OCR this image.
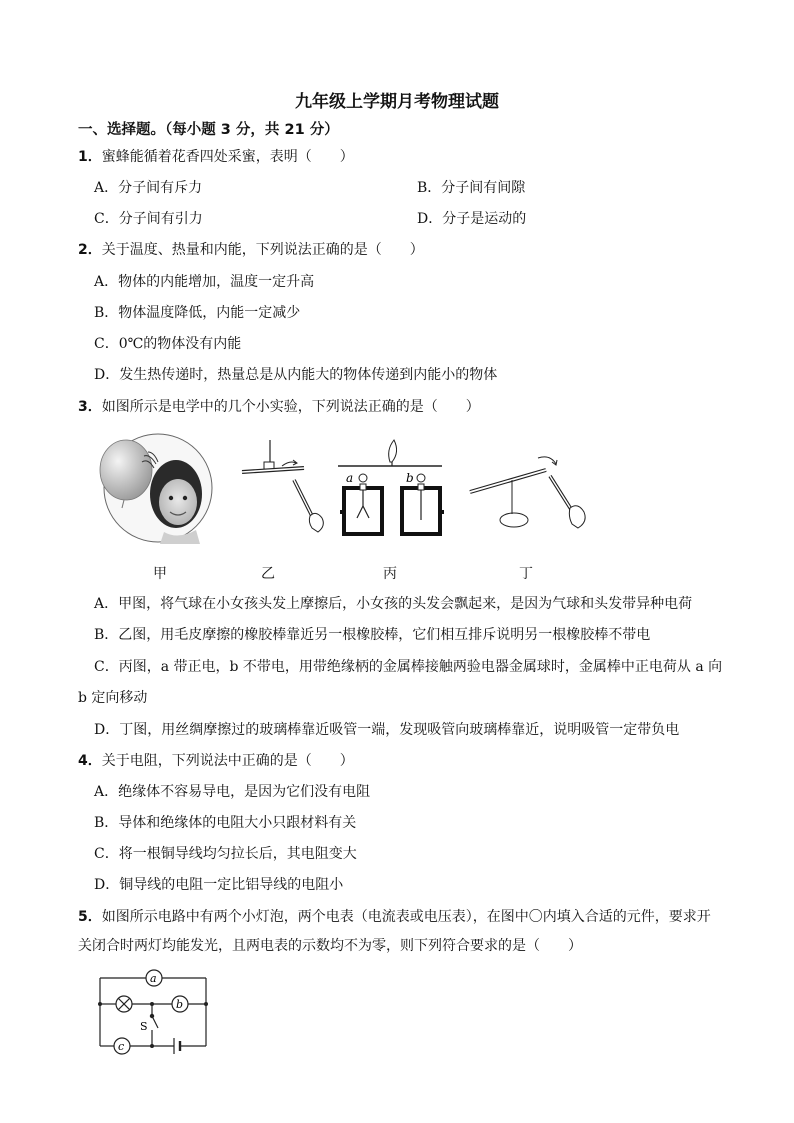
九年级上学期月考物理试题
一、选择题。（每小题 3 分，共 21 分）
1．蜜蜂能循着花香四处采蜜，表明（　　）
A．分子间有斥力	B．分子间有间隙
C．分子间有引力	D．分子是运动的
2．关于温度、热量和内能，下列说法正确的是（　　）
A．物体的内能增加，温度一定升高
B．物体温度降低，内能一定减少
C．0℃的物体没有内能
D．发生热传递时，热量总是从内能大的物体传递到内能小的物体
3．如图所示是电学中的几个小实验，下列说法正确的是（　　）
a	b
甲	乙	丙	丁
A．甲图，将气球在小女孩头发上摩擦后，小女孩的头发会飘起来，是因为气球和头发带异种电荷
B．乙图，用毛皮摩擦的橡胶棒靠近另一根橡胶棒，它们相互排斥说明另一根橡胶棒不带电
C．丙图，a 带正电，b 不带电，用带绝缘柄的金属棒接触两验电器金属球时，金属棒中正电荷从 a 向
b 定向移动
D．丁图，用丝绸摩擦过的玻璃棒靠近吸管一端，发现吸管向玻璃棒靠近，说明吸管一定带负电
4．关于电阻，下列说法中正确的是（　　）
A．绝缘体不容易导电，是因为它们没有电阻
B．导体和绝缘体的电阻大小只跟材料有关
C．将一根铜导线均匀拉长后，其电阻变大
D．铜导线的电阻一定比铝导线的电阻小
5．如图所示电路中有两个小灯泡，两个电表（电流表或电压表），在图中〇内填入合适的元件，要求开
关闭合时两灯均能发光，且两电表的示数均不为零，则下列符合要求的是（　　）
a
b
c
S
